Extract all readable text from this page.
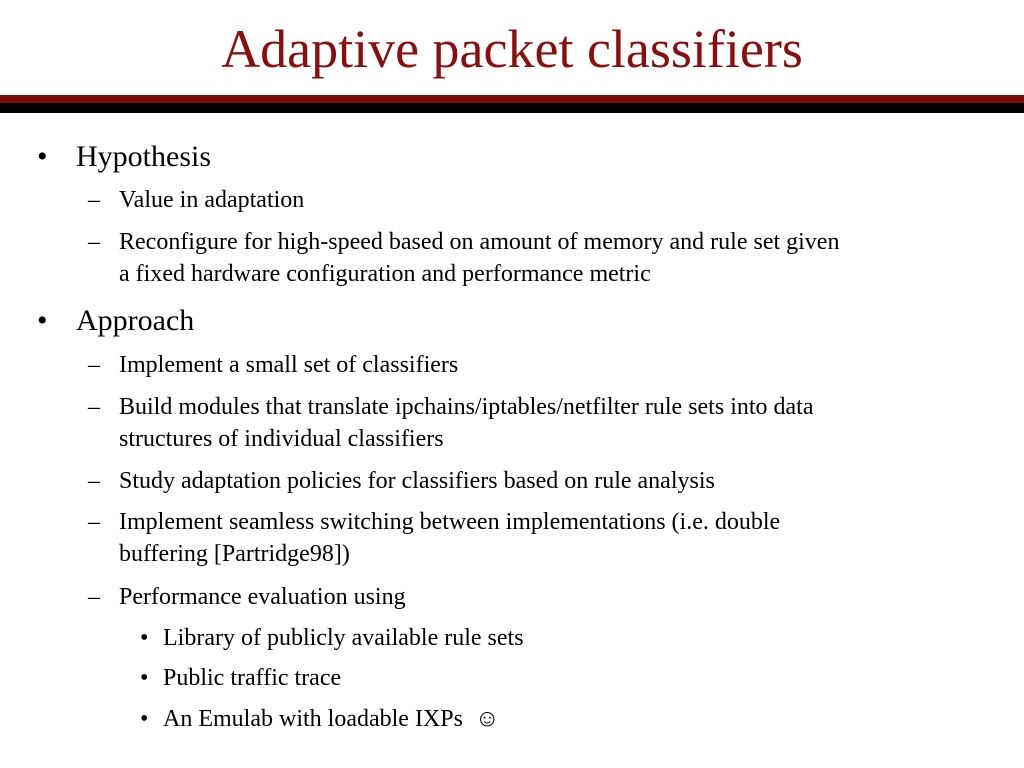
Adaptive packet classifiers
• Hypothesis
– Value in adaptation
– Reconfigure for high-speed based on amount of memory and rule set given
a fixed hardware configuration and performance metric
• Approach
– Implement a small set of classifiers
– Build modules that translate ipchains/iptables/netfilter rule sets into data
structures of individual classifiers
– Study adaptation policies for classifiers based on rule analysis
– Implement seamless switching between implementations (i.e. double
buffering [Partridge98])
– Performance evaluation using
• Library of publicly available rule sets
• Public traffic trace
• An Emulab with loadable IXPs  ☺
